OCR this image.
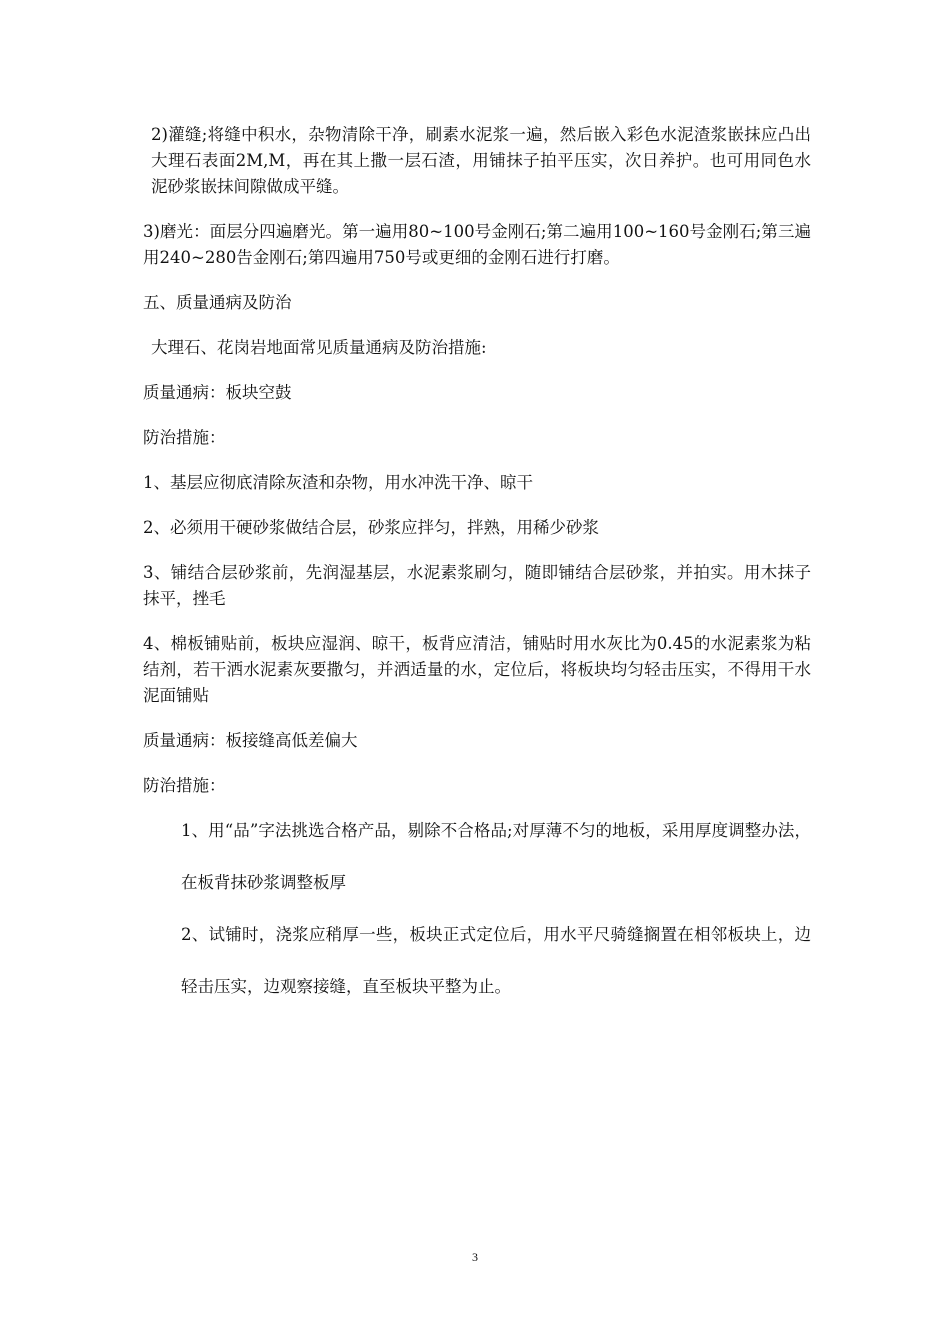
2)灌缝;将缝中积水，杂物清除干净，刷素水泥浆一遍，然后嵌入彩色水泥渣浆嵌抹应凸出大理石表面2M,M，再在其上撒一层石渣，用铺抹子拍平压实，次日养护。也可用同色水泥砂浆嵌抹间隙做成平缝。

3)磨光：面层分四遍磨光。第一遍用80~100号金刚石;第二遍用100~160号金刚石;第三遍用240~280告金刚石;第四遍用750号或更细的金刚石进行打磨。

五、质量通病及防治

大理石、花岗岩地面常见质量通病及防治措施:

质量通病：板块空鼓

防治措施：

1、基层应彻底清除灰渣和杂物，用水冲洗干净、晾干

2、必须用干硬砂浆做结合层，砂浆应拌匀，拌熟，用稀少砂浆

3、铺结合层砂浆前，先润湿基层，水泥素浆刷匀，随即铺结合层砂浆，并拍实。用木抹子抹平，挫毛

4、棉板铺贴前，板块应湿润、晾干，板背应清洁，铺贴时用水灰比为0.45的水泥素浆为粘结剂，若干洒水泥素灰要撒匀，并洒适量的水，定位后，将板块均匀轻击压实，不得用干水泥面铺贴

质量通病：板接缝高低差偏大

防治措施：

1、用“品”字法挑选合格产品，剔除不合格品;对厚薄不匀的地板，采用厚度调整办法，在板背抹砂浆调整板厚

2、试铺时，浇浆应稍厚一些，板块正式定位后，用水平尺骑缝搁置在相邻板块上，边轻击压实，边观察接缝，直至板块平整为止。

3
